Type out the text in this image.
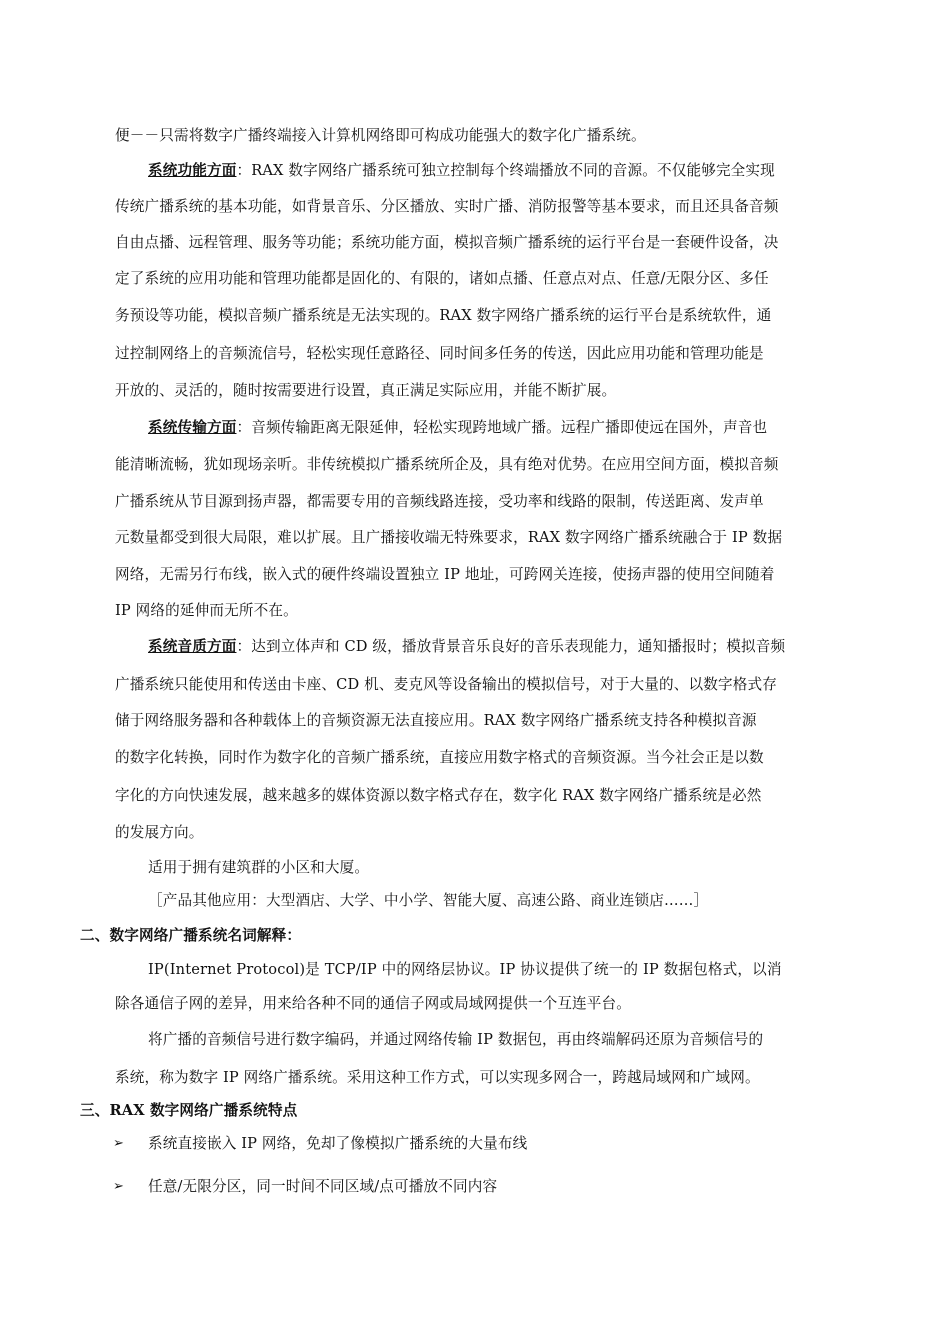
便－－只需将数字广播终端接入计算机网络即可构成功能强大的数字化广播系统。
系统功能方面：RAX 数字网络广播系统可独立控制每个终端播放不同的音源。不仅能够完全实现
传统广播系统的基本功能，如背景音乐、分区播放、实时广播、消防报警等基本要求，而且还具备音频
自由点播、远程管理、服务等功能；系统功能方面，模拟音频广播系统的运行平台是一套硬件设备，决
定了系统的应用功能和管理功能都是固化的、有限的，诸如点播、任意点对点、任意/无限分区、多任
务预设等功能，模拟音频广播系统是无法实现的。RAX 数字网络广播系统的运行平台是系统软件，通
过控制网络上的音频流信号，轻松实现任意路径、同时间多任务的传送，因此应用功能和管理功能是
开放的、灵活的，随时按需要进行设置，真正满足实际应用，并能不断扩展。
系统传输方面：音频传输距离无限延伸，轻松实现跨地域广播。远程广播即使远在国外，声音也
能清晰流畅，犹如现场亲听。非传统模拟广播系统所企及，具有绝对优势。在应用空间方面，模拟音频
广播系统从节目源到扬声器，都需要专用的音频线路连接，受功率和线路的限制，传送距离、发声单
元数量都受到很大局限，难以扩展。且广播接收端无特殊要求，RAX 数字网络广播系统融合于 IP 数据
网络，无需另行布线，嵌入式的硬件终端设置独立 IP 地址，可跨网关连接，使扬声器的使用空间随着
IP 网络的延伸而无所不在。
系统音质方面：达到立体声和 CD 级，播放背景音乐良好的音乐表现能力，通知播报时；模拟音频
广播系统只能使用和传送由卡座、CD 机、麦克风等设备输出的模拟信号，对于大量的、以数字格式存
储于网络服务器和各种载体上的音频资源无法直接应用。RAX 数字网络广播系统支持各种模拟音源
的数字化转换，同时作为数字化的音频广播系统，直接应用数字格式的音频资源。当今社会正是以数
字化的方向快速发展，越来越多的媒体资源以数字格式存在，数字化 RAX 数字网络广播系统是必然
的发展方向。
适用于拥有建筑群的小区和大厦。
［产品其他应用：大型酒店、大学、中小学、智能大厦、高速公路、商业连锁店……］
二、数字网络广播系统名词解释：
IP(Internet Protocol)是 TCP/IP 中的网络层协议。IP 协议提供了统一的 IP 数据包格式，以消
除各通信子网的差异，用来给各种不同的通信子网或局域网提供一个互连平台。
将广播的音频信号进行数字编码，并通过网络传输 IP 数据包，再由终端解码还原为音频信号的
系统，称为数字 IP 网络广播系统。采用这种工作方式，可以实现多网合一，跨越局域网和广域网。
三、RAX 数字网络广播系统特点
➢ 系统直接嵌入 IP 网络，免却了像模拟广播系统的大量布线
➢ 任意/无限分区，同一时间不同区域/点可播放不同内容
